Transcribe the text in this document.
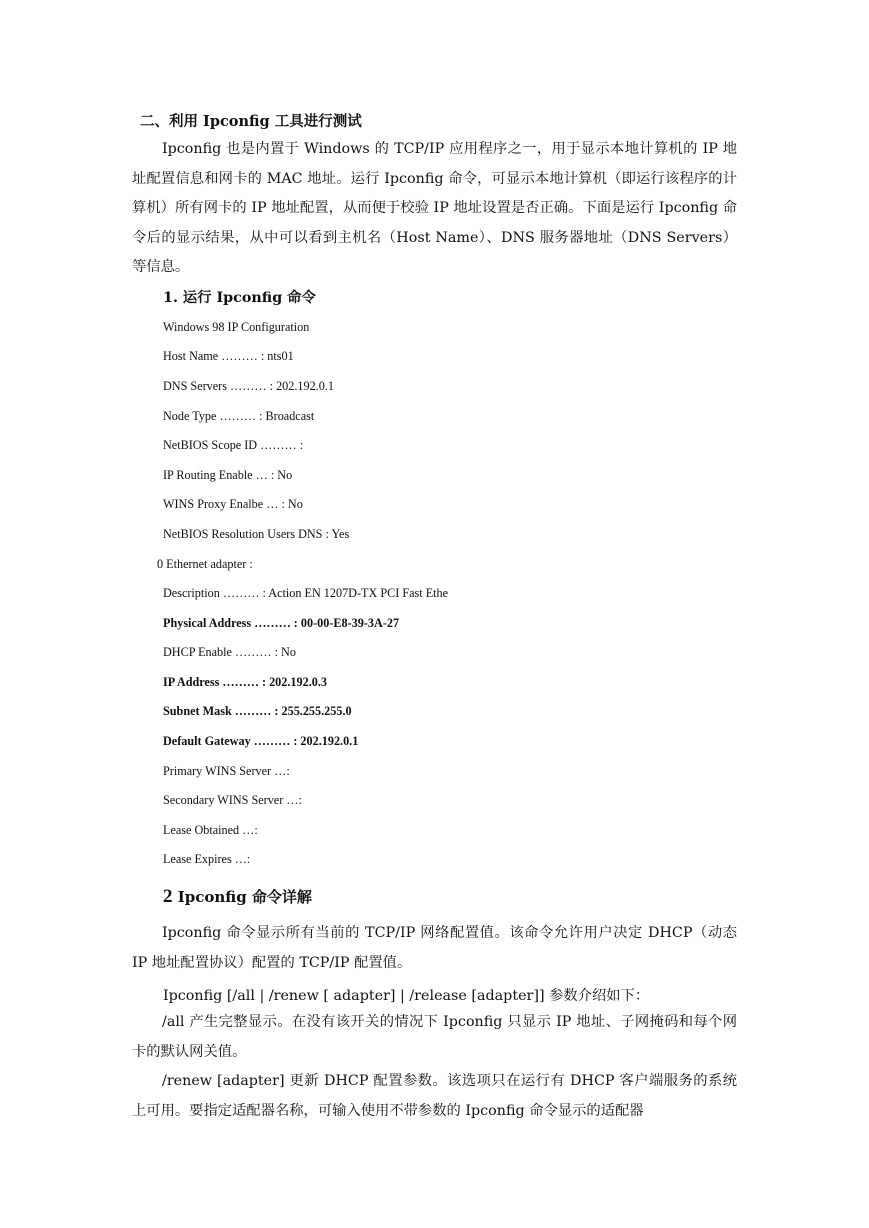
二、利用 Ipconfig 工具进行测试
Ipconfig 也是内置于 Windows 的 TCP/IP 应用程序之一，用于显示本地计算机的 IP 地址配置信息和网卡的 MAC 地址。运行 Ipconfig 命令，可显示本地计算机（即运行该程序的计算机）所有网卡的 IP 地址配置，从而便于校验 IP 地址设置是否正确。下面是运行 Ipconfig 命令后的显示结果，从中可以看到主机名（Host Name）、DNS 服务器地址（DNS Servers）等信息。
1. 运行 Ipconfig 命令
Windows 98 IP Configuration
Host Name ……… : nts01
DNS Servers ……… : 202.192.0.1
Node Type ……… : Broadcast
NetBIOS Scope ID ……… :
IP Routing Enable … : No
WINS Proxy Enalbe … : No
NetBIOS Resolution Users DNS : Yes
0 Ethernet adapter :
Description ……… : Action EN 1207D-TX PCI Fast Ethe
Physical Address ……… : 00-00-E8-39-3A-27
DHCP Enable ……… : No
IP Address ……… : 202.192.0.3
Subnet Mask ……… : 255.255.255.0
Default Gateway ……… : 202.192.0.1
Primary WINS Server …:
Secondary WINS Server …:
Lease Obtained …:
Lease Expires …:
2 Ipconfig 命令详解
Ipconfig 命令显示所有当前的 TCP/IP 网络配置值。该命令允许用户决定 DHCP（动态 IP 地址配置协议）配置的 TCP/IP 配置值。
Ipconfig [/all | /renew [ adapter] | /release [adapter]] 参数介绍如下：
/all 产生完整显示。在没有该开关的情况下 Ipconfig 只显示 IP 地址、子网掩码和每个网卡的默认网关值。
/renew [adapter] 更新 DHCP 配置参数。该选项只在运行有 DHCP 客户端服务的系统上可用。要指定适配器名称，可输入使用不带参数的 Ipconfig 命令显示的适配器
